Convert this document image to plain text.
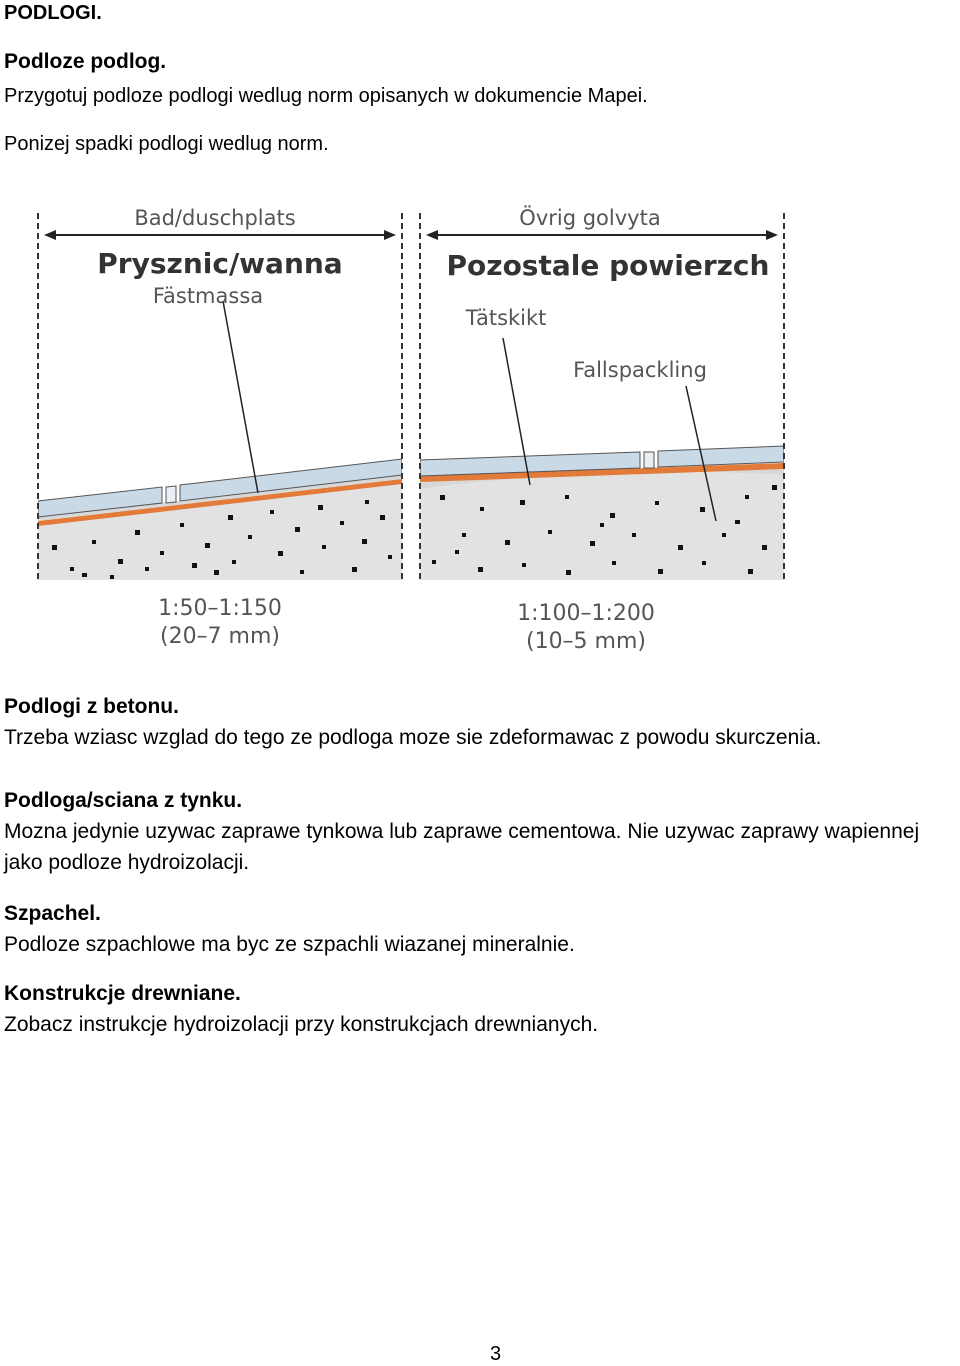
PODLOGI.
Podloze podlog.
Przygotuj podloze podlogi wedlug norm opisanych w dokumencie Mapei.
Ponizej spadki podlogi wedlug norm.
Bad/duschplats
Prysznic/wanna
Fästmassa
1:50–1:150
(20–7 mm)
Övrig golvyta
Pozostale powierzch
Tätskikt
Fallspackling
1:100–1:200
(10–5 mm)
Podlogi z betonu.
Trzeba wziasc wzglad do tego ze podloga moze sie zdeformawac z powodu skurczenia.
Podloga/sciana z tynku.
Mozna jedynie uzywac zaprawe tynkowa lub zaprawe cementowa. Nie uzywac zaprawy wapiennej jako podloze hydroizolacji.
Szpachel.
Podloze szpachlowe ma byc ze szpachli wiazanej mineralnie.
Konstrukcje drewniane.
Zobacz instrukcje hydroizolacji przy konstrukcjach drewnianych.
3
